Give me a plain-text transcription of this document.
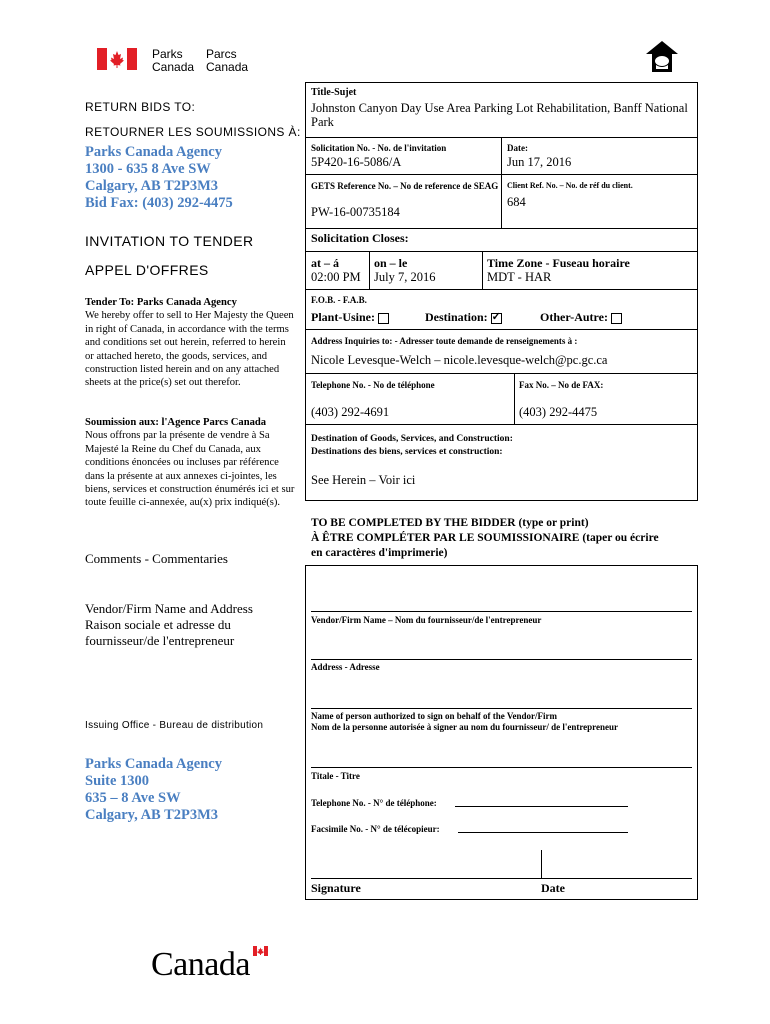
Parks
Canada
Parcs
Canada
RETURN BIDS TO:
RETOURNER LES SOUMISSIONS À:
Parks Canada Agency
1300 - 635 8 Ave SW
Calgary, AB T2P3M3
Bid Fax: (403) 292-4475
INVITATION TO TENDER
APPEL D'OFFRES
Tender To: Parks Canada Agency
We hereby offer to sell to Her Majesty the Queen in right of Canada, in accordance with the terms and conditions set out herein, referred to herein or attached hereto, the goods, services, and construction listed herein and on any attached sheets at the price(s) set out therefor.
Soumission aux: l'Agence Parcs Canada
Nous offrons par la présente de vendre à Sa Majesté la Reine du Chef du Canada, aux conditions énoncées ou incluses par référence dans la présente at aux annexes ci-jointes, les biens, services et construction énumérés ici et sur toute feuille ci-annexée, au(x) prix indiqué(s).
Comments - Commentaries
Vendor/Firm Name and Address
Raison sociale et adresse du
fournisseur/de l'entrepreneur
Issuing Office - Bureau de distribution
Parks Canada Agency
Suite 1300
635 – 8 Ave SW
Calgary, AB T2P3M3
Title-Sujet
Johnston Canyon Day Use Area Parking Lot Rehabilitation, Banff National Park
Solicitation No. - No. de l'invitation
5P420-16-5086/A
Date:
Jun 17, 2016
GETS Reference No. – No de reference de SEAG
PW-16-00735184
Client Ref. No. – No. de réf du client.
684
Solicitation Closes:
at – á
02:00 PM
on – le
July 7, 2016
Time Zone - Fuseau horaire
MDT - HAR
F.O.B. - F.A.B.
Plant-Usine:	Destination:✓	Other-Autre:
Address Inquiries to: - Adresser toute demande de renseignements à :
Nicole Levesque-Welch – nicole.levesque-welch@pc.gc.ca
Telephone No. - No de téléphone
(403) 292-4691
Fax No. – No de FAX:
(403) 292-4475
Destination of Goods, Services, and Construction:
Destinations des biens, services et construction:
See Herein – Voir ici
TO BE COMPLETED BY THE BIDDER (type or print)
À ÊTRE COMPLÉTER PAR LE SOUMISSIONAIRE (taper ou écrire
en caractères d'imprimerie)
Vendor/Firm Name – Nom du fournisseur/de l'entrepreneur
Address - Adresse
Name of person authorized to sign on behalf of the Vendor/Firm
Nom de la personne autorisée à signer au nom du fournisseur/ de l'entrepreneur
Titale - Titre
Telephone No. - N° de téléphone:
Facsimile No. - N° de télécopieur:
Signature	Date
Canada
